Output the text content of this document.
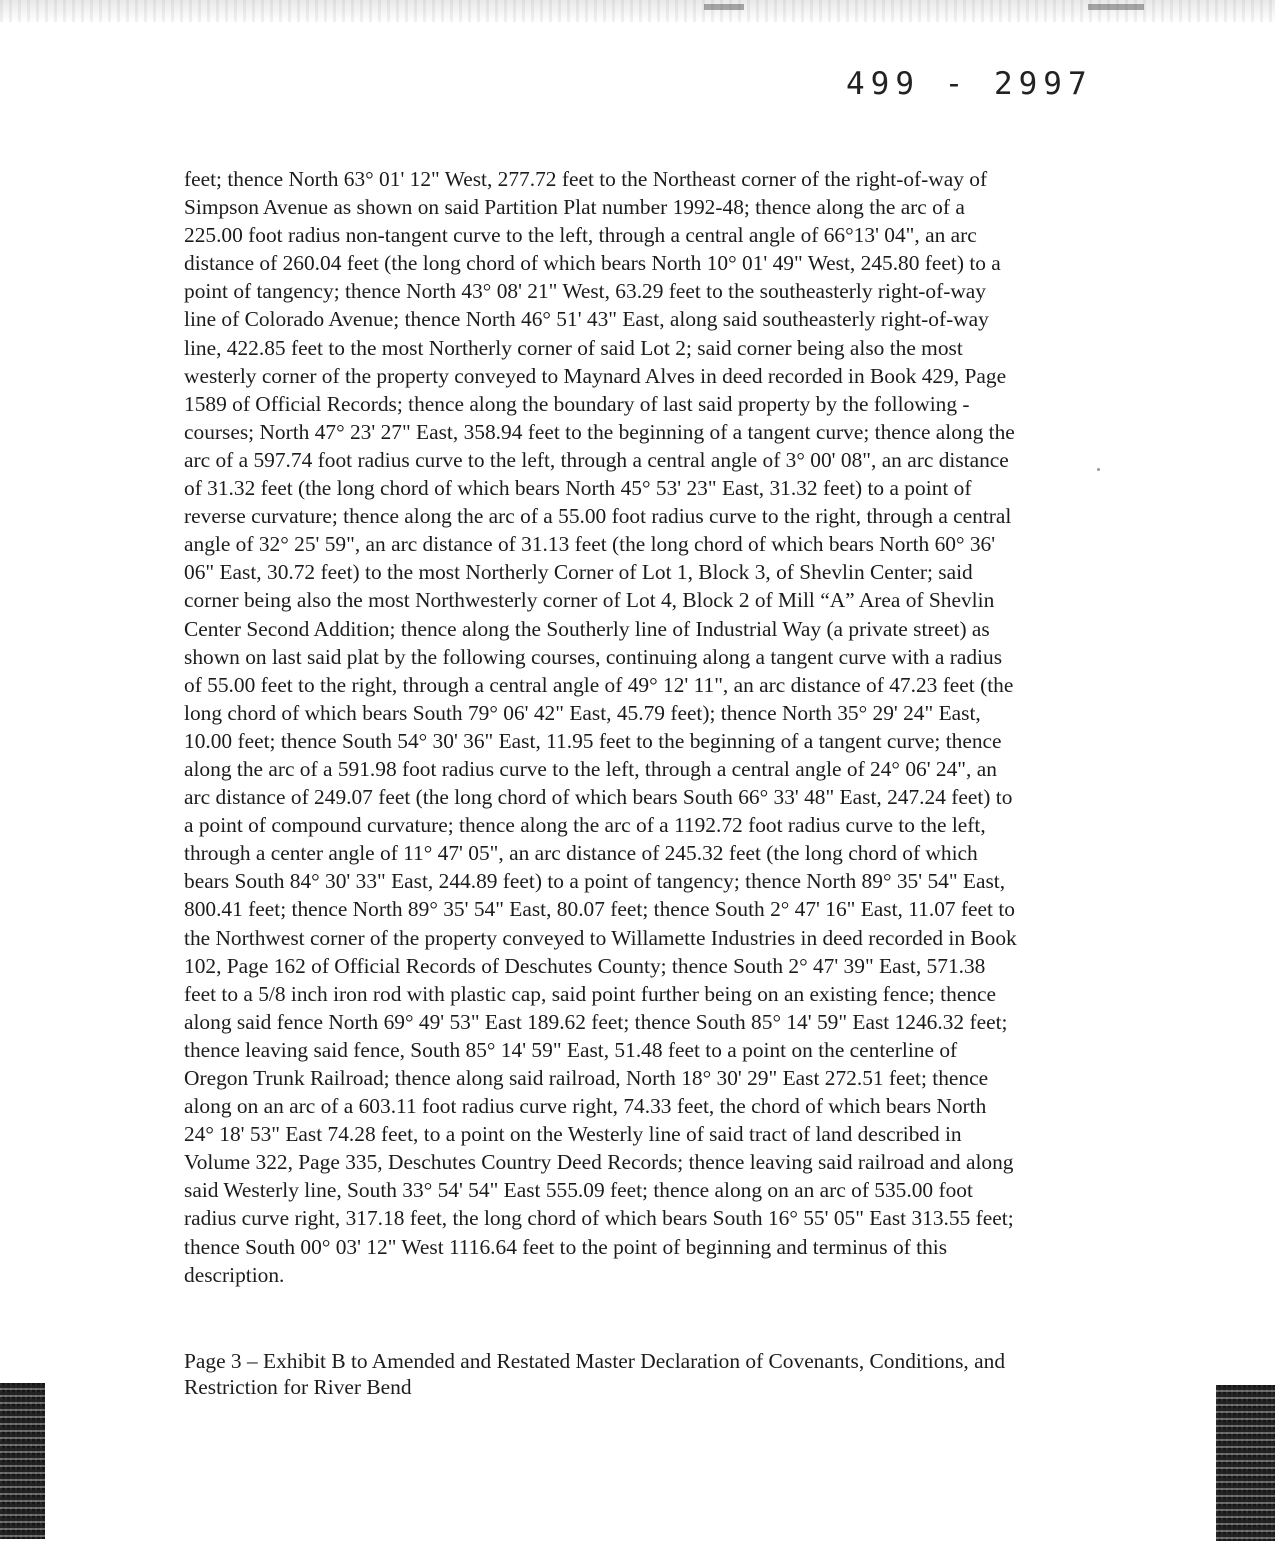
499 - 2997
feet; thence North 63° 01' 12" West, 277.72 feet to the Northeast corner of the right-of-way of
Simpson Avenue as shown on said Partition Plat number 1992-48; thence along the arc of a
225.00 foot radius non-tangent curve to the left, through a central angle of 66°13' 04", an arc
distance of 260.04 feet (the long chord of which bears North 10° 01' 49" West, 245.80 feet) to a
point of tangency; thence North 43° 08' 21" West, 63.29 feet to the southeasterly right-of-way
line of Colorado Avenue; thence North 46° 51' 43" East, along said southeasterly right-of-way
line, 422.85 feet to the most Northerly corner of said Lot 2; said corner being also the most
westerly corner of the property conveyed to Maynard Alves in deed recorded in Book 429, Page
1589 of Official Records; thence along the boundary of last said property by the following -
courses; North 47° 23' 27" East, 358.94 feet to the beginning of a tangent curve; thence along the
arc of a 597.74 foot radius curve to the left, through a central angle of 3° 00' 08", an arc distance
of 31.32 feet (the long chord of which bears North 45° 53' 23" East, 31.32 feet) to a point of
reverse curvature; thence along the arc of a 55.00 foot radius curve to the right, through a central
angle of 32° 25' 59", an arc distance of 31.13 feet (the long chord of which bears North 60° 36'
06" East, 30.72 feet) to the most Northerly Corner of Lot 1, Block 3, of Shevlin Center; said
corner being also the most Northwesterly corner of Lot 4, Block 2 of Mill “A” Area of Shevlin
Center Second Addition; thence along the Southerly line of Industrial Way (a private street) as
shown on last said plat by the following courses, continuing along a tangent curve with a radius
of 55.00 feet to the right, through a central angle of 49° 12' 11", an arc distance of 47.23 feet (the
long chord of which bears South 79° 06' 42" East, 45.79 feet); thence North 35° 29' 24" East,
10.00 feet; thence South 54° 30' 36" East, 11.95 feet to the beginning of a tangent curve; thence
along the arc of a 591.98 foot radius curve to the left, through a central angle of 24° 06' 24", an
arc distance of 249.07 feet (the long chord of which bears South 66° 33' 48" East, 247.24 feet) to
a point of compound curvature; thence along the arc of a 1192.72 foot radius curve to the left,
through a center angle of 11° 47' 05", an arc distance of 245.32 feet (the long chord of which
bears South 84° 30' 33" East, 244.89 feet) to a point of tangency; thence North 89° 35' 54" East,
800.41 feet; thence North 89° 35' 54" East, 80.07 feet; thence South 2° 47' 16" East, 11.07 feet to
the Northwest corner of the property conveyed to Willamette Industries in deed recorded in Book
102, Page 162 of Official Records of Deschutes County; thence South 2° 47' 39" East, 571.38
feet to a 5/8 inch iron rod with plastic cap, said point further being on an existing fence; thence
along said fence North 69° 49' 53" East 189.62 feet; thence South 85° 14' 59" East 1246.32 feet;
thence leaving said fence, South 85° 14' 59" East, 51.48 feet to a point on the centerline of
Oregon Trunk Railroad; thence along said railroad, North 18° 30' 29" East 272.51 feet; thence
along on an arc of a 603.11 foot radius curve right, 74.33 feet, the chord of which bears North
24° 18' 53" East 74.28 feet, to a point on the Westerly line of said tract of land described in
Volume 322, Page 335, Deschutes Country Deed Records; thence leaving said railroad and along
said Westerly line, South 33° 54' 54" East 555.09 feet; thence along on an arc of 535.00 foot
radius curve right, 317.18 feet, the long chord of which bears South 16° 55' 05" East 313.55 feet;
thence South 00° 03' 12" West 1116.64 feet to the point of beginning and terminus of this
description.
Page 3 – Exhibit B to Amended and Restated Master Declaration of Covenants, Conditions, and
Restriction for River Bend
